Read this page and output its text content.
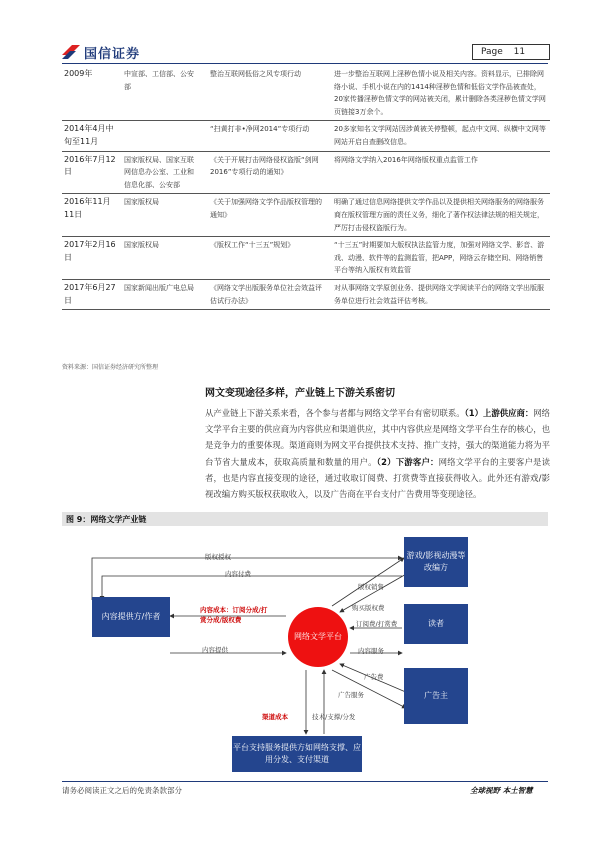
国信证券	Page 11
2009年	中宣部、工信部、公安部	整治互联网低俗之风专项行动	进一步整治互联网上淫秽色情小说及相关内容。资料显示，已排除网络小说、手机小说在内的1414种淫秽色情和低俗文学作品被查处，20家传播淫秽色情文学的网站被关闭，累计删除各类淫秽色情文学网页链接3万余个。
2014年4月中旬至11月		“扫黄打非•净网2014”专项行动	20多家知名文学网站因涉黄被关停整顿，起点中文网、纵横中文网等网站开启自查删改信息。
2016年7月12日	国家版权局、国家互联网信息办公室、工业和信息化部、公安部	《关于开展打击网络侵权盗版“剑网2016”专项行动的通知》	将网络文学纳入2016年网络版权重点监管工作
2016年11月11日	国家版权局	《关于加强网络文学作品版权管理的通知》	明确了通过信息网络提供文学作品以及提供相关网络服务的网络服务商在版权管理方面的责任义务，细化了著作权法律法规的相关规定，严厉打击侵权盗版行为。
2017年2月16日	国家版权局	《版权工作“十三五”规划》	“十三五”时期要加大版权执法监管力度，加强对网络文学、影音、游戏、动漫、软件等的监测监管，把APP，网络云存储空间、网络销售平台等纳入版权有效监管
2017年6月27日	国家新闻出版广电总局	《网络文学出版服务单位社会效益评估试行办法》	对从事网络文学原创业务、提供网络文学阅读平台的网络文学出版服务单位进行社会效益评估考核。
资料来源：国信证券经济研究所整理
网文变现途径多样，产业链上下游关系密切
从产业链上下游关系来看，各个参与者都与网络文学平台有密切联系。（1）上游供应商：网络文学平台主要的供应商为内容供应和渠道供应，其中内容供应是网络文学平台生存的核心，也是竞争力的重要体现。渠道商则为网文平台提供技术支持、推广支持，强大的渠道能力将为平台节省大量成本，获取高质量和数量的用户。（2）下游客户：网络文学平台的主要客户是读者，也是内容直接变现的途径，通过收取订阅费、打赏费等直接获得收入。此外还有游戏/影视改编方购买版权获取收入，以及广告商在平台支付广告费用等变现途径。
图 9：网络文学产业链
内容提供方/作者
游戏/影视动漫等改编方
读者
广告主
平台支持服务提供方如网络支撑、应用分发、支付渠道
网络文学平台
版权授权
内容付费
内容成本：订阅分成/打赏分成/版权费
内容提供
版权销售
购买版权费
订阅费/打赏费
内容服务
广告费
广告服务
渠道成本	技术/支撑/分发
请务必阅读正文之后的免责条款部分	全球视野 本土智慧
